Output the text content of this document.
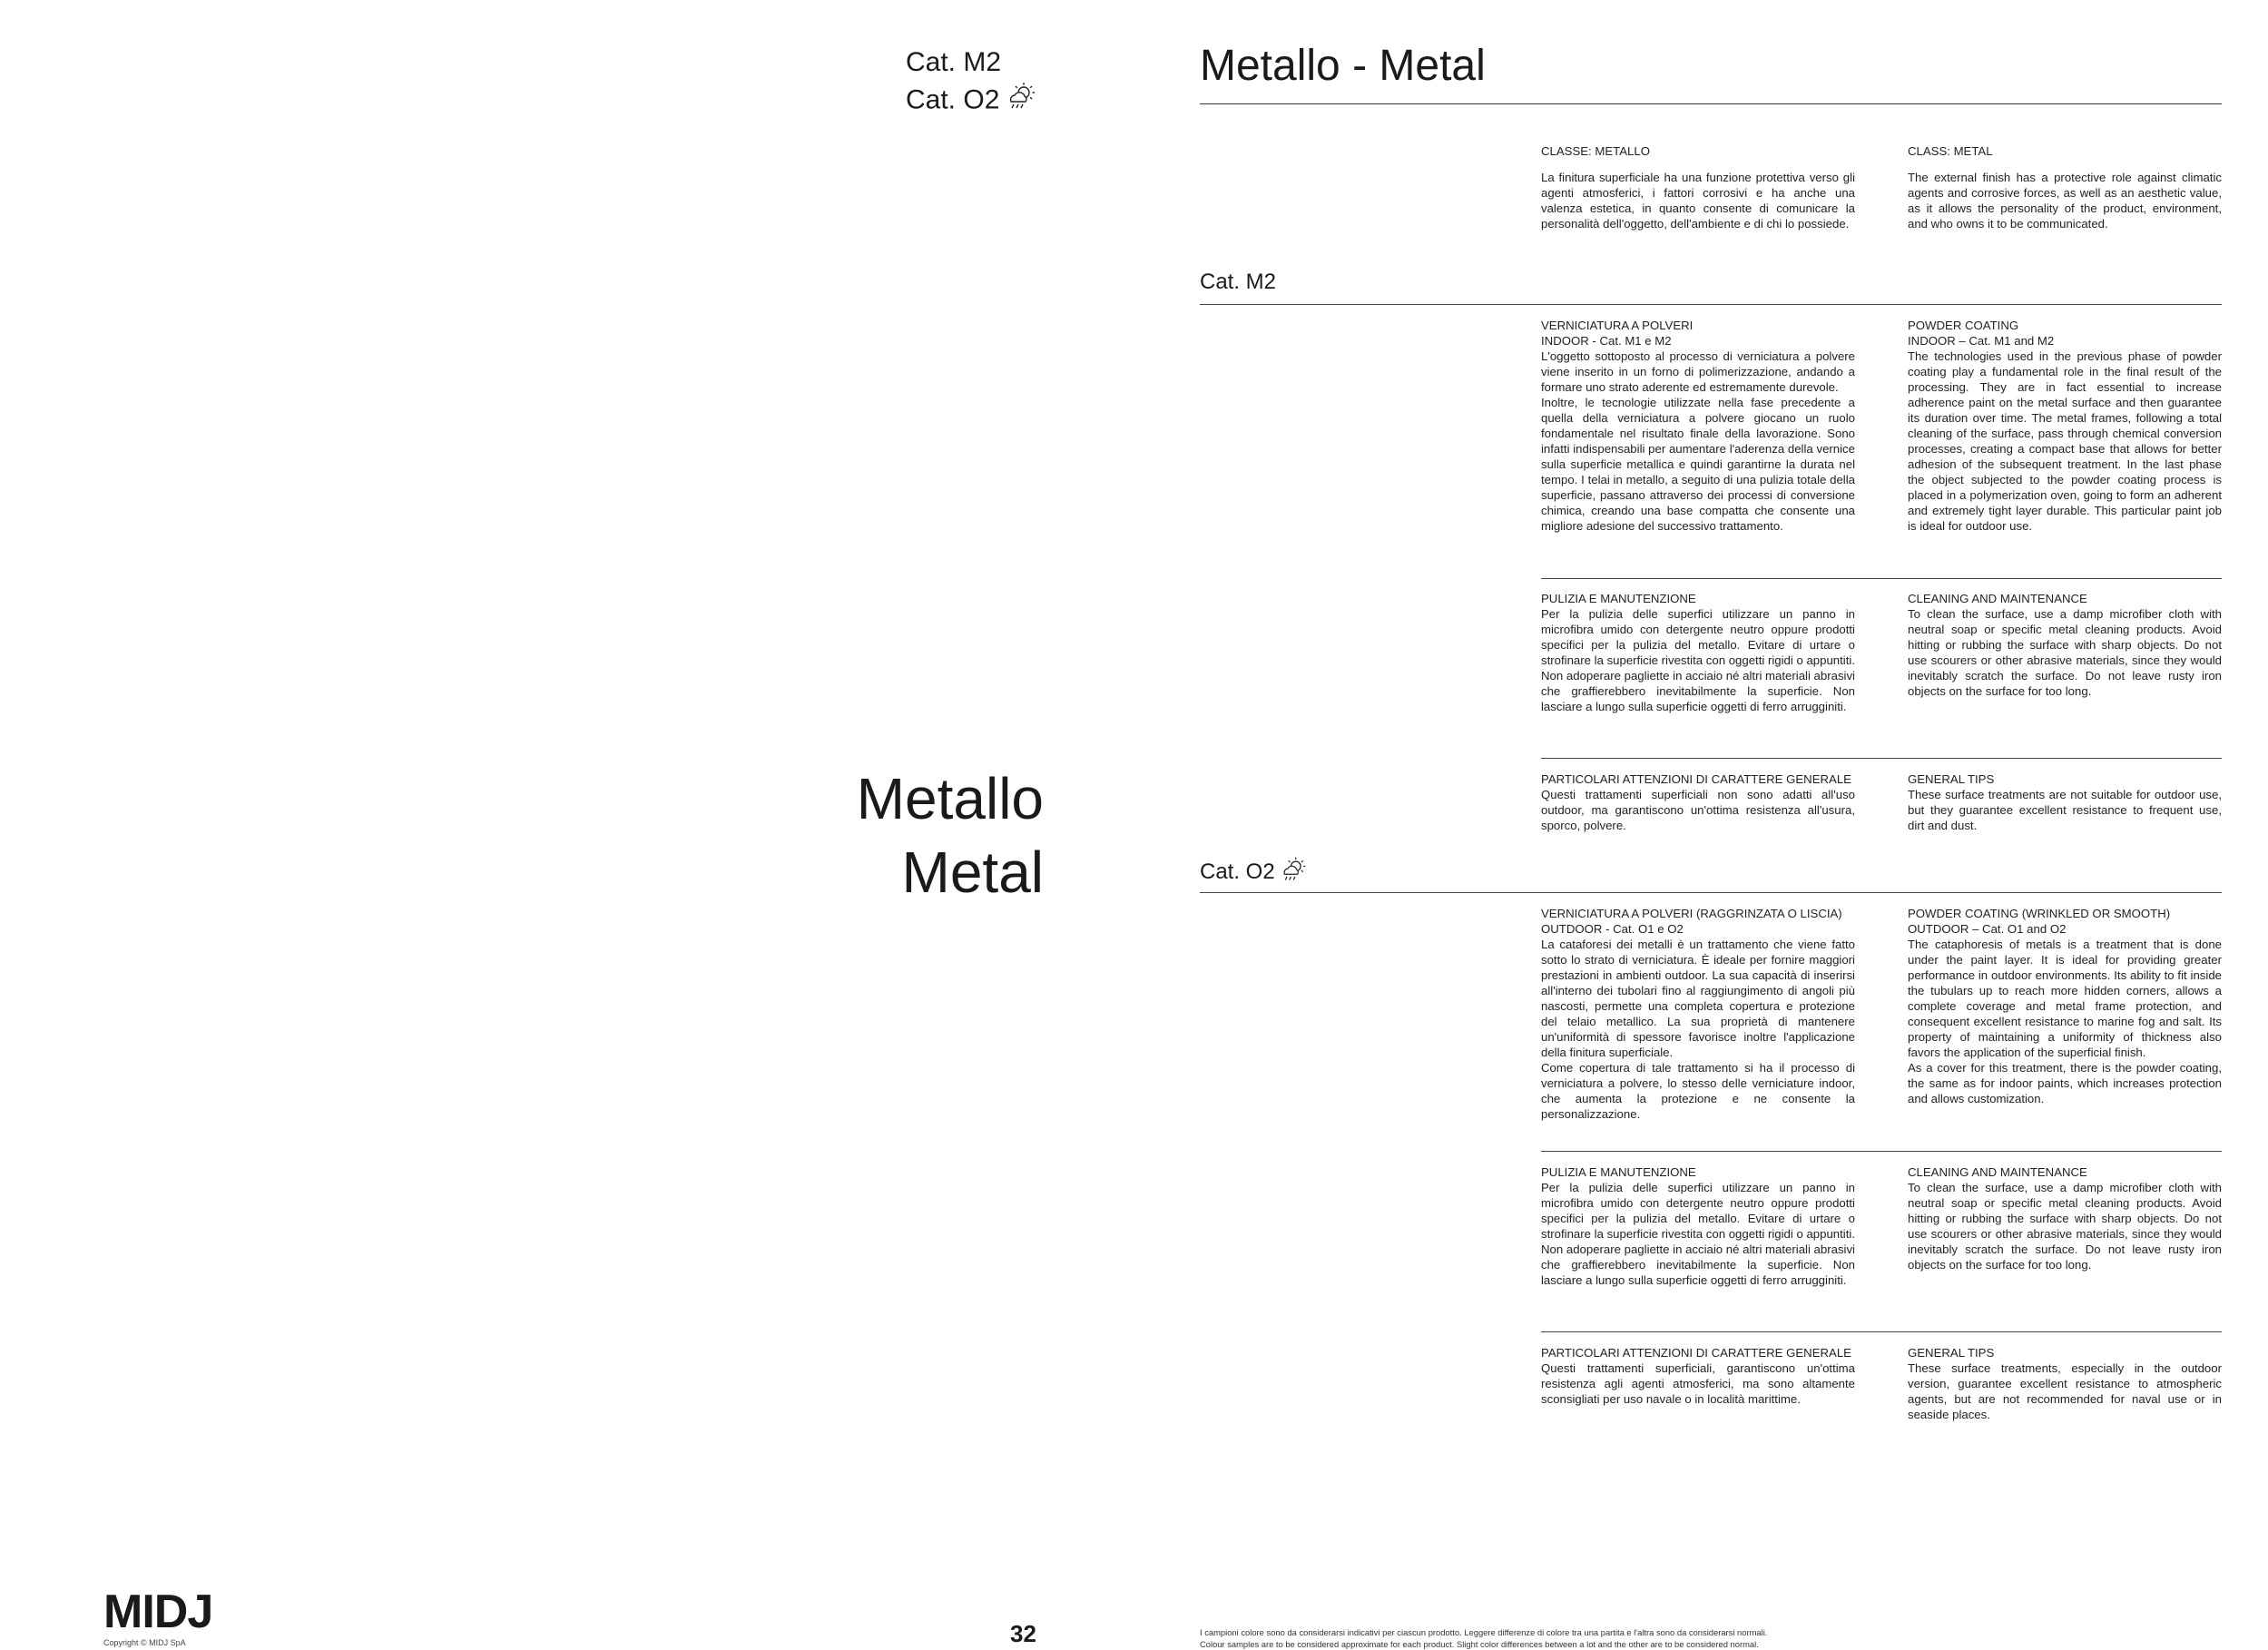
Cat. M2
Cat. O2
Metallo
Metal
Metallo - Metal

CLASSE: METALLO

La finitura superficiale ha una funzione protettiva verso gli agenti atmosferici, i fattori corrosivi e ha anche una valenza estetica, in quanto consente di comunicare la personalità dell'oggetto, dell'ambiente e di chi lo possiede.

CLASS: METAL

The external finish has a protective role against climatic agents and corrosive forces, as well as an aesthetic value, as it allows the personality of the product, environment, and who owns it to be communicated.

Cat. M2

VERNICIATURA A POLVERI

INDOOR - Cat. M1 e M2

L'oggetto sottoposto al processo di verniciatura a polvere viene inserito in un forno di polimerizzazione, andando a formare uno strato aderente ed estremamente durevole.
Inoltre, le tecnologie utilizzate nella fase precedente a quella della verniciatura a polvere giocano un ruolo fondamentale nel risultato finale della lavorazione. Sono infatti indispensabili per aumentare l'aderenza della vernice sulla superficie metallica e quindi garantirne la durata nel tempo. I telai in metallo, a seguito di una pulizia totale della superficie, passano attraverso dei processi di conversione chimica, creando una base compatta che consente una migliore adesione del successivo trattamento.

POWDER COATING

INDOOR – Cat. M1 and M2

The technologies used in the previous phase of powder coating play a fundamental role in the final result of the processing. They are in fact essential to increase adherence paint on the metal surface and then guarantee its duration over time. The metal frames, following a total cleaning of the surface, pass through chemical conversion processes, creating a compact base that allows for better adhesion of the subsequent treatment. In the last phase the object subjected to the powder coating process is placed in a polymerization oven, going to form an adherent and extremely tight layer durable. This particular paint job is ideal for outdoor use.

PULIZIA E MANUTENZIONE

Per la pulizia delle superfici utilizzare un panno in microfibra umido con detergente neutro oppure prodotti specifici per la pulizia del metallo. Evitare di urtare o strofinare la superficie rivestita con oggetti rigidi o appuntiti.
Non adoperare pagliette in acciaio né altri materiali abrasivi che graffierebbero inevitabilmente la superficie. Non lasciare a lungo sulla superficie oggetti di ferro arrugginiti.

CLEANING AND MAINTENANCE

To clean the surface, use a damp microfiber cloth with neutral soap or specific metal cleaning products. Avoid hitting or rubbing the surface with sharp objects. Do not use scourers or other abrasive materials, since they would inevitably scratch the surface. Do not leave rusty iron objects on the surface for too long.

PARTICOLARI ATTENZIONI DI CARATTERE GENERALE

Questi trattamenti superficiali non sono adatti all'uso outdoor, ma garantiscono un'ottima resistenza all'usura, sporco, polvere.

GENERAL TIPS

These surface treatments are not suitable for outdoor use, but they guarantee excellent resistance to frequent use, dirt and dust.

Cat. O2

VERNICIATURA A POLVERI (RAGGRINZATA O LISCIA)

OUTDOOR - Cat. O1 e O2

La cataforesi dei metalli è un trattamento che viene fatto sotto lo strato di verniciatura. È ideale per fornire maggiori prestazioni in ambienti outdoor. La sua capacità di inserirsi all'interno dei tubolari fino al raggiungimento di angoli più nascosti, permette una completa copertura e protezione del telaio metallico. La sua proprietà di mantenere un'uniformità di spessore favorisce inoltre l'applicazione della finitura superficiale.
Come copertura di tale trattamento si ha il processo di verniciatura a polvere, lo stesso delle verniciature indoor, che aumenta la protezione e ne consente la personalizzazione.

POWDER COATING (WRINKLED OR SMOOTH)

OUTDOOR – Cat. O1 and O2

The cataphoresis of metals is a treatment that is done under the paint layer. It is ideal for providing greater performance in outdoor environments. Its ability to fit inside the tubulars up to reach more hidden corners, allows a complete coverage and metal frame protection, and consequent excellent resistance to marine fog and salt. Its property of maintaining a uniformity of thickness also favors the application of the superficial finish.
As a cover for this treatment, there is the powder coating, the same as for indoor paints, which increases protection and allows customization.

PULIZIA E MANUTENZIONE

Per la pulizia delle superfici utilizzare un panno in microfibra umido con detergente neutro oppure prodotti specifici per la pulizia del metallo. Evitare di urtare o strofinare la superficie rivestita con oggetti rigidi o appuntiti.
Non adoperare pagliette in acciaio né altri materiali abrasivi che graffierebbero inevitabilmente la superficie. Non lasciare a lungo sulla superficie oggetti di ferro arrugginiti.

CLEANING AND MAINTENANCE

To clean the surface, use a damp microfiber cloth with neutral soap or specific metal cleaning products. Avoid hitting or rubbing the surface with sharp objects. Do not use scourers or other abrasive materials, since they would inevitably scratch the surface. Do not leave rusty iron objects on the surface for too long.

PARTICOLARI ATTENZIONI DI CARATTERE GENERALE

Questi trattamenti superficiali, garantiscono un'ottima resistenza agli agenti atmosferici, ma sono altamente sconsigliati per uso navale o in località marittime.

GENERAL TIPS

These surface treatments, especially in the outdoor version, guarantee excellent resistance to atmospheric agents, but are not recommended for naval use or in seaside places.

MIDJ
Copyright © MIDJ SpA	32	I campioni colore sono da considerarsi indicativi per ciascun prodotto. Leggere differenze di colore tra una partita e l'altra sono da considerarsi normali.
Colour samples are to be considered approximate for each product. Slight color differences between a lot and the other are to be considered normal.
